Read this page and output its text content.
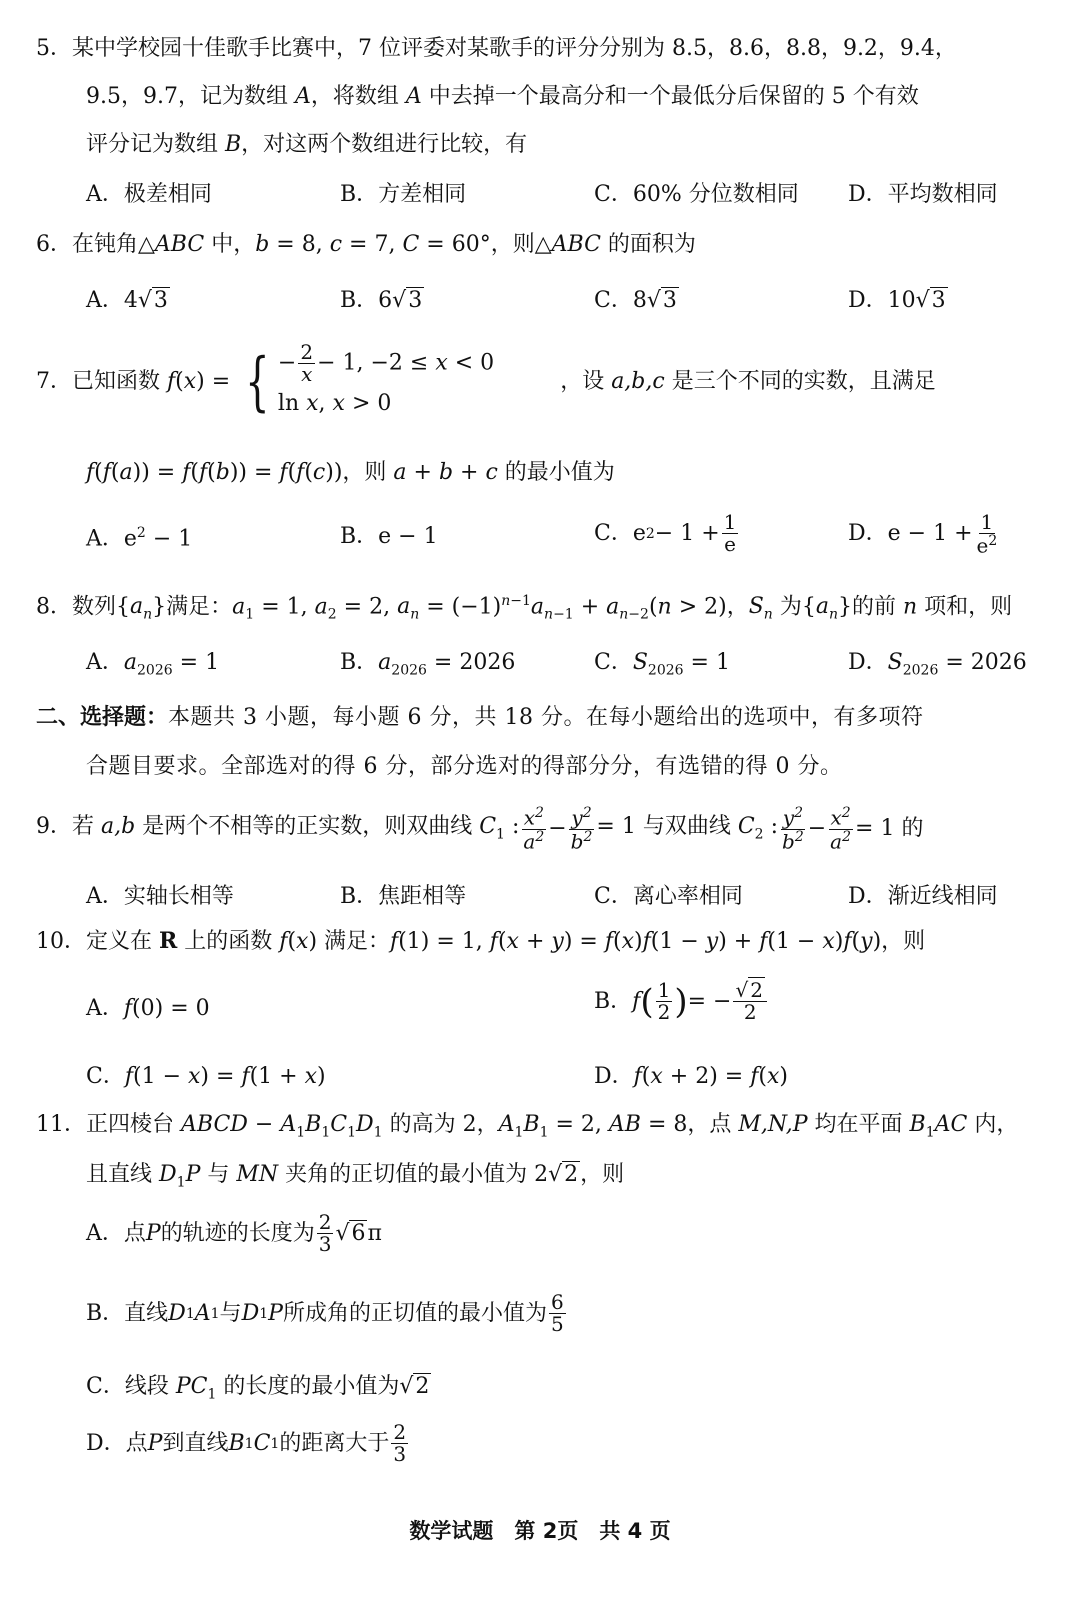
5．某中学校园十佳歌手比赛中，7 位评委对某歌手的评分分别为 8.5，8.6，8.8，9.2，9.4，
9.5，9.7，记为数组 A，将数组 A 中去掉一个最高分和一个最低分后保留的 5 个有效
评分记为数组 B，对这两个数组进行比较，有
A．极差相同	B．方差相同	C．60% 分位数相同 D．平均数相同
6．在钝角△ABC 中，b = 8, c = 7, C = 60°，则△ABC 的面积为
A．4√3	B．6√3	C．8√3	D．10√3
7．已知函数 f(x) = { − $\frac{2}{x} - 1$, −2 ≤ x < 0
ln x, x > 0
，设 a,b,c 是三个不同的实数，且满足
f(f(a)) = f(f(b)) = f(f(c))，则 a + b + c 的最小值为
A．$e^2 - 1$	B．e − 1	C．e $2 - 1 + \frac{1}{e}$	D．$e - 1 + \frac{1}{e^2}$
8．数列$\{a_n\}$满足：$a_1 = 1$, $a_2 = 2$, $a_n = (-1)^{n-1}a_{n-1} + a_{n-2}(n > 2)$，$S_n$ 为$\{a_n\}$的前 n 项和，则
A．$a_{2026} = 1$	B．$a_{2026} = 2026$	C．$S_{2026} = 1$	D．$S_{2026} = 2026$
二、选择题：本题共 3 小题，每小题 6 分，共 18 分。在每小题给出的选项中，有多项符
合题目要求。全部选对的得 6 分，部分选对的得部分分，有选错的得 0 分。
9．若 a,b 是两个不相等的正实数，则双曲线 $C_1$ : $\frac{x^2}{a^2} - \frac{y^2}{b^2} = 1$ 与双曲线 $C_2$ : $\frac{y^2}{b^2} - \frac{x^2}{a^2} = 1$ 的
A．实轴长相等	B．焦距相等	C．离心率相同	D．渐近线相同
10．定义在 R 上的函数 f(x) 满足：f(1) = 1, f(x + y) = f(x)f(1 − y) + f(1 − x)f(y)，则
A．f(0) = 0	B． f ( $\frac{1}{2}$ ) = − $\frac{√ 2}{2}$
C．f(1 − x) = f(1 + x)	D．f(x + 2) = f(x)
11．正四棱台 ABCD − $A_1B_1C_1D_1$ 的高为 2，$A_1B_1 = 2$, AB = 8，点 M,N,P 均在平面 $B_1AC$ 内，
且直线 $D_1P$ 与 MN 夹角的正切值的最小值为 2√2，则
A．点 P 的轨迹的长度为 $\frac{2}{3} √6$ π
B．直线 D 1 A 1 与 D 1 P 所成角的正切值的最小值为 $\frac{6}{5}$
C．线段 $PC_1$ 的长度的最小值为√2
D．点 P 到直线 B 1 C 1 的距离大于 $\frac{2}{3}$
数学试题　第 2页　共 4 页
